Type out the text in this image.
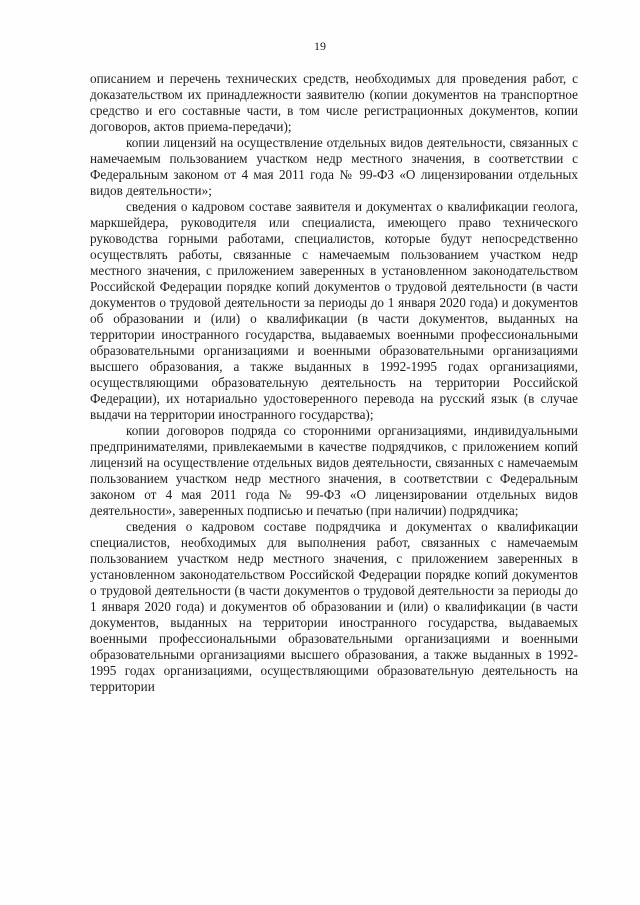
19

описанием и перечень технических средств, необходимых для проведения работ, с доказательством их принадлежности заявителю (копии документов на транспортное средство и его составные части, в том числе регистрационных документов, копии договоров, актов приема-передачи);

копии лицензий на осуществление отдельных видов деятельности, связанных с намечаемым пользованием участком недр местного значения, в соответствии с Федеральным законом от 4 мая 2011 года № 99-ФЗ «О лицензировании отдельных видов деятельности»;

сведения о кадровом составе заявителя и документах о квалификации геолога, маркшейдера, руководителя или специалиста, имеющего право технического руководства горными работами, специалистов, которые будут непосредственно осуществлять работы, связанные с намечаемым пользованием участком недр местного значения, с приложением заверенных в установленном законодательством Российской Федерации порядке копий документов о трудовой деятельности (в части документов о трудовой деятельности за периоды до 1 января 2020 года) и документов об образовании и (или) о квалификации (в части документов, выданных на территории иностранного государства, выдаваемых военными профессиональными образовательными организациями и военными образовательными организациями высшего образования, а также выданных в 1992-1995 годах организациями, осуществляющими образовательную деятельность на территории Российской Федерации), их нотариально удостоверенного перевода на русский язык (в случае выдачи на территории иностранного государства);

копии договоров подряда со сторонними организациями, индивидуальными предпринимателями, привлекаемыми в качестве подрядчиков, с приложением копий лицензий на осуществление отдельных видов деятельности, связанных с намечаемым пользованием участком недр местного значения, в соответствии с Федеральным законом от 4 мая 2011 года № 99-ФЗ «О лицензировании отдельных видов деятельности», заверенных подписью и печатью (при наличии) подрядчика;

сведения о кадровом составе подрядчика и документах о квалификации специалистов, необходимых для выполнения работ, связанных с намечаемым пользованием участком недр местного значения, с приложением заверенных в установленном законодательством Российской Федерации порядке копий документов о трудовой деятельности (в части документов о трудовой деятельности за периоды до 1 января 2020 года) и документов об образовании и (или) о квалификации (в части документов, выданных на территории иностранного государства, выдаваемых военными профессиональными образовательными организациями и военными образовательными организациями высшего образования, а также выданных в 1992-1995 годах организациями, осуществляющими образовательную деятельность на территории
